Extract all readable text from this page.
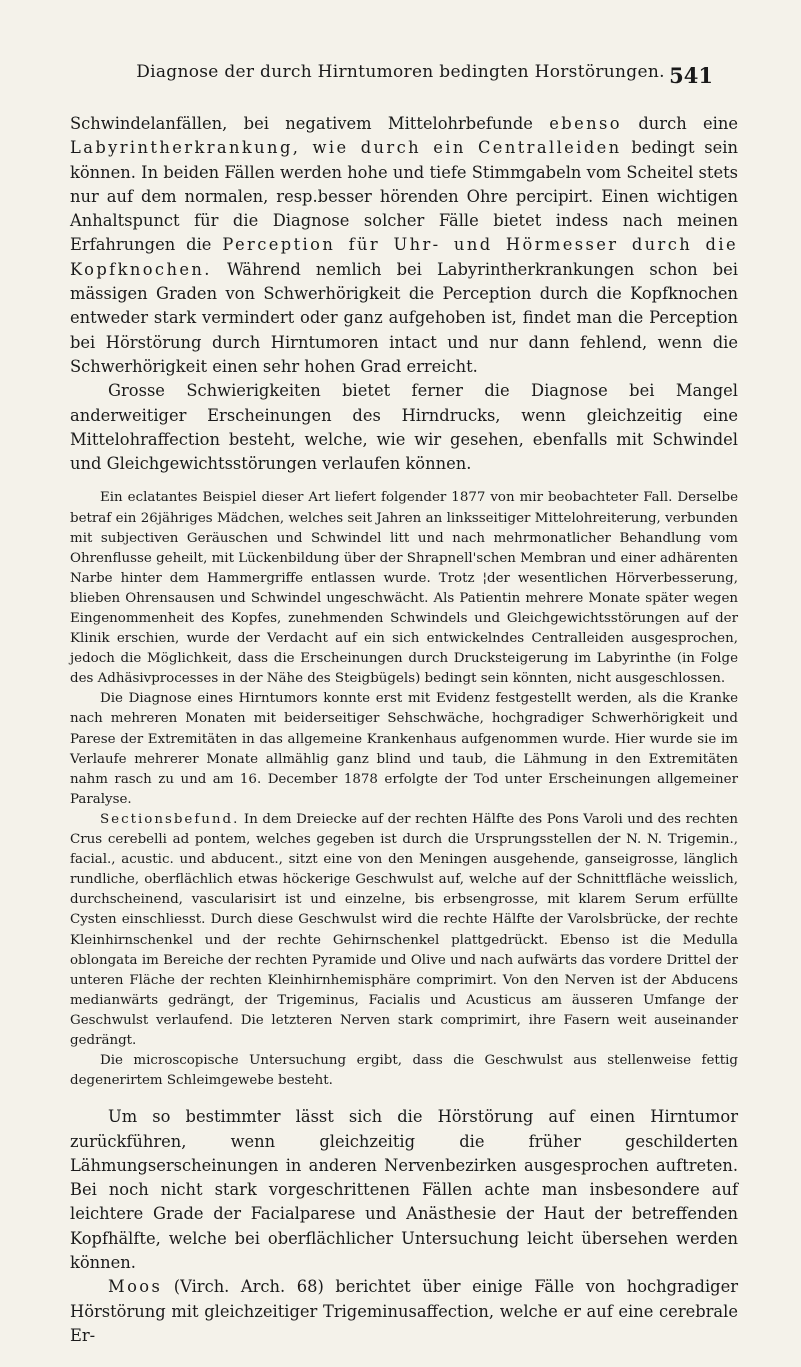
Diagnose der durch Hirntumoren bedingten Horstörungen. 541

Schwindelanfällen, bei negativem Mittelohrbefunde ebenso durch eine Labyrintherkrankung, wie durch ein Centralleiden bedingt sein können. In beiden Fällen werden hohe und tiefe Stimmgabeln vom Scheitel stets nur auf dem normalen, resp.besser hörenden Ohre percipirt. Einen wichtigen Anhaltspunct für die Diagnose solcher Fälle bietet indess nach meinen Erfahrungen die Perception für Uhr- und Hörmesser durch die Kopfknochen. Während nemlich bei Labyrintherkrankungen schon bei mässigen Graden von Schwerhörigkeit die Perception durch die Kopfknochen entweder stark vermindert oder ganz aufgehoben ist, findet man die Perception bei Hörstörung durch Hirntumoren intact und nur dann fehlend, wenn die Schwerhörigkeit einen sehr hohen Grad erreicht.

Grosse Schwierigkeiten bietet ferner die Diagnose bei Mangel anderweitiger Erscheinungen des Hirndrucks, wenn gleichzeitig eine Mittelohraffection besteht, welche, wie wir gesehen, ebenfalls mit Schwindel und Gleichgewichtsstörungen verlaufen können.

Ein eclatantes Beispiel dieser Art liefert folgender 1877 von mir beobachteter Fall. Derselbe betraf ein 26jähriges Mädchen, welches seit Jahren an linksseitiger Mittelohreiterung, verbunden mit subjectiven Geräuschen und Schwindel litt und nach mehrmonatlicher Behandlung vom Ohrenflusse geheilt, mit Lückenbildung über der Shrapnell'schen Membran und einer adhärenten Narbe hinter dem Hammergriffe entlassen wurde. Trotz ¦der wesentlichen Hörverbesserung, blieben Ohrensausen und Schwindel ungeschwächt. Als Patientin mehrere Monate später wegen Eingenommenheit des Kopfes, zunehmenden Schwindels und Gleichgewichtsstörungen auf der Klinik erschien, wurde der Verdacht auf ein sich entwickelndes Centralleiden ausgesprochen, jedoch die Möglichkeit, dass die Erscheinungen durch Drucksteigerung im Labyrinthe (in Folge des Adhäsivprocesses in der Nähe des Steigbügels) bedingt sein könnten, nicht ausgeschlossen.

Die Diagnose eines Hirntumors konnte erst mit Evidenz festgestellt werden, als die Kranke nach mehreren Monaten mit beiderseitiger Sehschwäche, hochgradiger Schwerhörigkeit und Parese der Extremitäten in das allgemeine Krankenhaus aufgenommen wurde. Hier wurde sie im Verlaufe mehrerer Monate allmählig ganz blind und taub, die Lähmung in den Extremitäten nahm rasch zu und am 16. December 1878 erfolgte der Tod unter Erscheinungen allgemeiner Paralyse.

Sectionsbefund. In dem Dreiecke auf der rechten Hälfte des Pons Varoli und des rechten Crus cerebelli ad pontem, welches gegeben ist durch die Ursprungsstellen der N. N. Trigemin., facial., acustic. und abducent., sitzt eine von den Meningen ausgehende, ganseigrosse, länglich rundliche, oberflächlich etwas höckerige Geschwulst auf, welche auf der Schnittfläche weisslich, durchscheinend, vascularisirt ist und einzelne, bis erbsengrosse, mit klarem Serum erfüllte Cysten einschliesst. Durch diese Geschwulst wird die rechte Hälfte der Varolsbrücke, der rechte Kleinhirnschenkel und der rechte Gehirnschenkel plattgedrückt. Ebenso ist die Medulla oblongata im Bereiche der rechten Pyramide und Olive und nach aufwärts das vordere Drittel der unteren Fläche der rechten Kleinhirnhemisphäre comprimirt. Von den Nerven ist der Abducens medianwärts gedrängt, der Trigeminus, Facialis und Acusticus am äusseren Umfange der Geschwulst verlaufend. Die letzteren Nerven stark comprimirt, ihre Fasern weit auseinander gedrängt.

Die microscopische Untersuchung ergibt, dass die Geschwulst aus stellenweise fettig degenerirtem Schleimgewebe besteht.

Um so bestimmter lässt sich die Hörstörung auf einen Hirntumor zurückführen, wenn gleichzeitig die früher geschilderten Lähmungserscheinungen in anderen Nervenbezirken ausgesprochen auftreten. Bei noch nicht stark vorgeschrittenen Fällen achte man insbesondere auf leichtere Grade der Facialparese und Anästhesie der Haut der betreffenden Kopfhälfte, welche bei oberflächlicher Untersuchung leicht übersehen werden können.

Moos (Virch. Arch. 68) berichtet über einige Fälle von hochgradiger Hörstörung mit gleichzeitiger Trigeminusaffection, welche er auf eine cerebrale Er-
